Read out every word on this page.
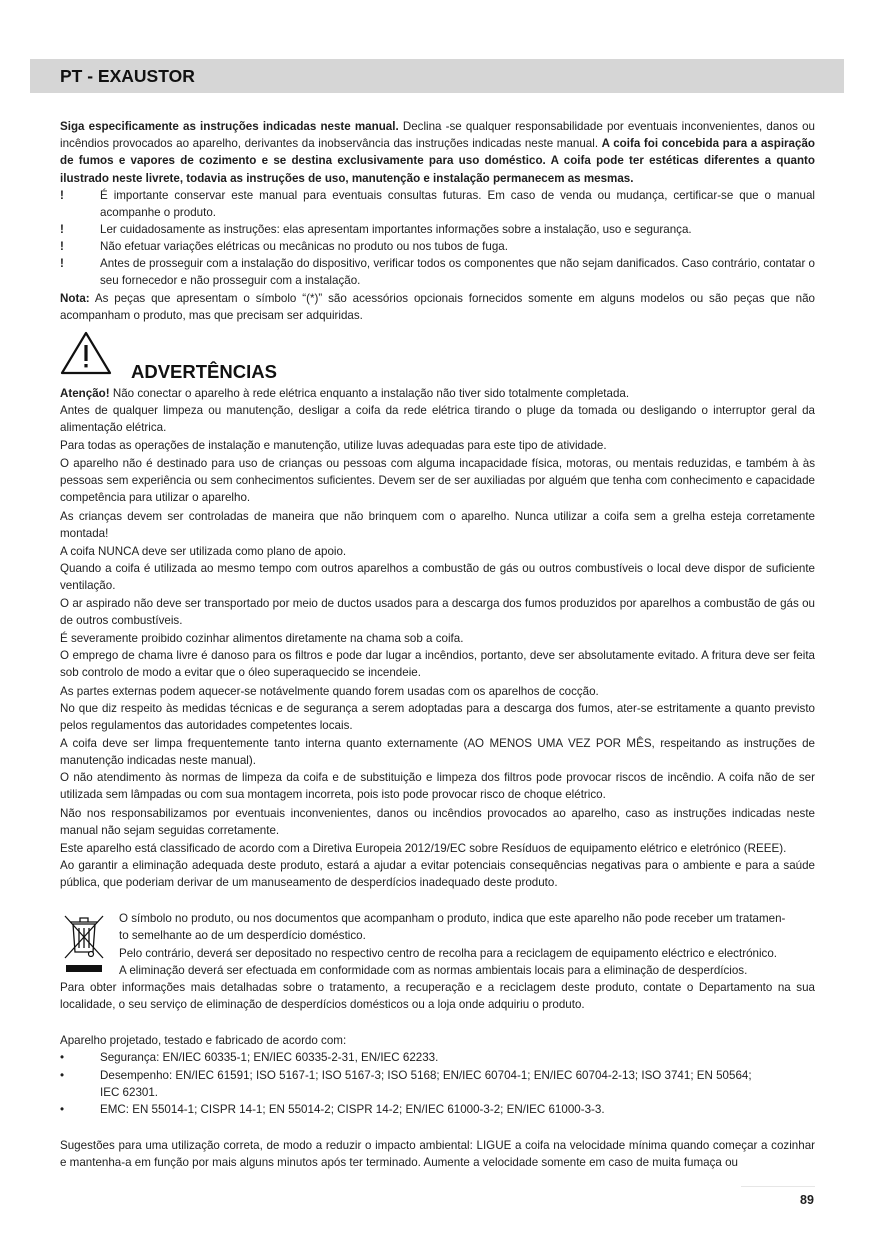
PT - EXAUSTOR

Siga especificamente as instruções indicadas neste manual. Declina -se qualquer responsabilidade por eventuais inconvenientes, danos ou incêndios provocados ao aparelho, derivantes da inobservância das instruções indicadas neste manual. A coifa foi concebida para a aspiração de fumos e vapores de cozimento e se destina exclusivamente para uso doméstico. A coifa pode ter estéticas diferentes a quanto ilustrado neste livrete, todavia as instruções de uso, manutenção e instalação permanecem as mesmas.

!	É importante conservar este manual para eventuais consultas futuras. Em caso de venda ou mudança, certificar-se que o manual acompanhe o produto.
!	Ler cuidadosamente as instruções: elas apresentam importantes informações sobre a instalação, uso e segurança.
!	Não efetuar variações elétricas ou mecânicas no produto ou nos tubos de fuga.
!	Antes de prosseguir com a instalação do dispositivo, verificar todos os componentes que não sejam danificados. Caso contrário, contatar o seu fornecedor e não prosseguir com a instalação.

Nota: As peças que apresentam o símbolo “(*)” são acessórios opcionais fornecidos somente em alguns modelos ou são peças que não acompanham o produto, mas que precisam ser adquiridas.

ADVERTÊNCIAS

Atenção! Não conectar o aparelho à rede elétrica enquanto a instalação não tiver sido totalmente completada.

Antes de qualquer limpeza ou manutenção, desligar a coifa da rede elétrica tirando o pluge da tomada ou desligando o interruptor geral da alimentação elétrica.

Para todas as operações de instalação e manutenção, utilize luvas adequadas para este tipo de atividade.

O aparelho não é destinado para uso de crianças ou pessoas com alguma incapacidade física, motoras, ou mentais reduzidas, e também à às pessoas sem experiência ou sem conhecimentos suficientes. Devem ser de ser auxiliadas por alguém que tenha com conhecimento e capacidade competência para utilizar o aparelho.

As crianças devem ser controladas de maneira que não brinquem com o aparelho. Nunca utilizar a coifa sem a grelha esteja corretamente montada!

A coifa NUNCA deve ser utilizada como plano de apoio.

Quando a coifa é utilizada ao mesmo tempo com outros aparelhos a combustão de gás ou outros combustíveis o local deve dispor de suficiente ventilação.

O ar aspirado não deve ser transportado por meio de ductos usados para a descarga dos fumos produzidos por aparelhos a combustão de gás ou de outros combustíveis.

É severamente proibido cozinhar alimentos diretamente na chama sob a coifa.

O emprego de chama livre é danoso para os filtros e pode dar lugar a incêndios, portanto, deve ser absolutamente evitado. A fritura deve ser feita sob controlo de modo a evitar que o óleo superaquecido se incendeie.

As partes externas podem aquecer-se notávelmente quando forem usadas com os aparelhos de cocção.

No que diz respeito às medidas técnicas e de segurança a serem adoptadas para a descarga dos fumos, ater-se estritamente a quanto previsto pelos regulamentos das autoridades competentes locais.

A coifa deve ser limpa frequentemente tanto interna quanto externamente (AO MENOS UMA VEZ POR MÊS, respeitando as instruções de manutenção indicadas neste manual).

O não atendimento às normas de limpeza da coifa e de substituição e limpeza dos filtros pode provocar riscos de incêndio. A coifa não de ser utilizada sem lâmpadas ou com sua montagem incorreta, pois isto pode provocar risco de choque elétrico.

Não nos responsabilizamos por eventuais inconvenientes, danos ou incêndios provocados ao aparelho, caso as instruções indicadas neste manual não sejam seguidas corretamente.

Este aparelho está classificado de acordo com a Diretiva Europeia 2012/19/EC sobre Resíduos de equipamento elétrico e eletrónico (REEE).

Ao garantir a eliminação adequada deste produto, estará a ajudar a evitar potenciais consequências negativas para o ambiente e para a saúde pública, que poderiam derivar de um manuseamento de desperdícios inadequado deste produto.

O símbolo no produto, ou nos documentos que acompanham o produto, indica que este aparelho não pode receber um tratamen-
to semelhante ao de um desperdício doméstico.
Pelo contrário, deverá ser depositado no respectivo centro de recolha para a reciclagem de equipamento eléctrico e electrónico.
A eliminação deverá ser efectuada em conformidade com as normas ambientais locais para a eliminação de desperdícios.

Para obter informações mais detalhadas sobre o tratamento, a recuperação e a reciclagem deste produto, contate o Departamento na sua localidade, o seu serviço de eliminação de desperdícios domésticos ou a loja onde adquiriu o produto.

Aparelho projetado, testado e fabricado de acordo com:

•	Segurança: EN/IEC 60335-1; EN/IEC 60335-2-31, EN/IEC 62233.
•	Desempenho: EN/IEC 61591; ISO 5167-1; ISO 5167-3; ISO 5168; EN/IEC 60704-1; EN/IEC 60704-2-13; ISO 3741; EN 50564;
IEC 62301.
•	EMC: EN 55014-1; CISPR 14-1; EN 55014-2; CISPR 14-2; EN/IEC 61000-3-2; EN/IEC 61000-3-3.

Sugestões para uma utilização correta, de modo a reduzir o impacto ambiental: LIGUE a coifa na velocidade mínima quando começar a cozinhar e mantenha-a em função por mais alguns minutos após ter terminado. Aumente a velocidade somente em caso de muita fumaça ou

89
